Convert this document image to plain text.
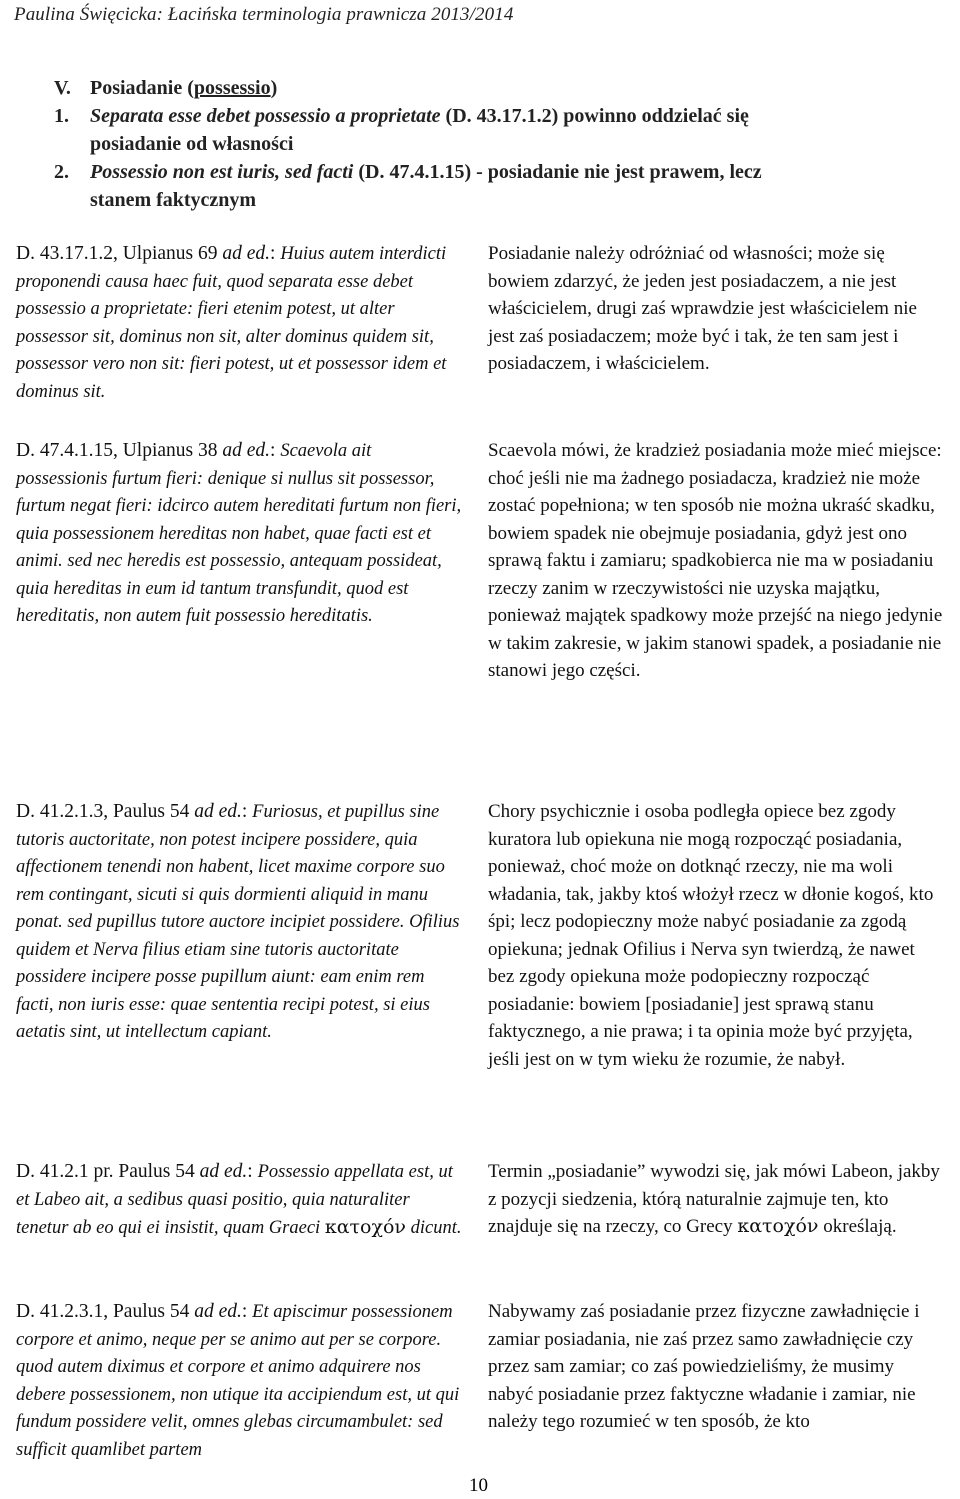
Paulina Święcicka: Łacińska terminologia prawnicza 2013/2014
V. Posiadanie (possessio)
1. Separata esse debet possessio a proprietate (D. 43.17.1.2) powinno oddzielać się
posiadanie od własności
2. Possessio non est iuris, sed facti (D. 47.4.1.15) - posiadanie nie jest prawem, lecz
stanem faktycznym
D. 43.17.1.2, Ulpianus 69 ad ed.: Huius autem interdicti proponendi causa haec fuit, quod separata esse debet possessio a proprietate: fieri etenim potest, ut alter possessor sit, dominus non sit, alter dominus quidem sit, possessor vero non sit: fieri potest, ut et possessor idem et dominus sit.
Posiadanie należy odróżniać od własności; może się bowiem zdarzyć, że jeden jest posiadaczem, a nie jest właścicielem, drugi zaś wprawdzie jest właścicielem nie jest zaś posiadaczem; może być i tak, że ten sam jest i posiadaczem, i właścicielem.
D. 47.4.1.15, Ulpianus 38 ad ed.: Scaevola ait possessionis furtum fieri: denique si nullus sit possessor, furtum negat fieri: idcirco autem hereditati furtum non fieri, quia possessionem hereditas non habet, quae facti est et animi. sed nec heredis est possessio, antequam possideat, quia hereditas in eum id tantum transfundit, quod est hereditatis, non autem fuit possessio hereditatis.
Scaevola mówi, że kradzież posiadania może mieć miejsce: choć jeśli nie ma żadnego posiadacza, kradzież nie może zostać popełniona; w ten sposób nie można ukraść skadku, bowiem spadek nie obejmuje posiadania, gdyż jest ono sprawą faktu i zamiaru; spadkobierca nie ma w posiadaniu rzeczy zanim w rzeczywistości nie uzyska majątku, ponieważ majątek spadkowy może przejść na niego jedynie w takim zakresie, w jakim stanowi spadek, a posiadanie nie stanowi jego części.
D. 41.2.1.3, Paulus 54 ad ed.: Furiosus, et pupillus sine tutoris auctoritate, non potest incipere possidere, quia affectionem tenendi non habent, licet maxime corpore suo rem contingant, sicuti si quis dormienti aliquid in manu ponat. sed pupillus tutore auctore incipiet possidere. Ofilius quidem et Nerva filius etiam sine tutoris auctoritate possidere incipere posse pupillum aiunt: eam enim rem facti, non iuris esse: quae sententia recipi potest, si eius aetatis sint, ut intellectum capiant.
Chory psychicznie i osoba podległa opiece bez zgody kuratora lub opiekuna nie mogą rozpocząć posiadania, ponieważ, choć może on dotknąć rzeczy, nie ma woli władania, tak, jakby ktoś włożył rzecz w dłonie kogoś, kto śpi; lecz podopieczny może nabyć posiadanie za zgodą opiekuna; jednak Ofilius i Nerva syn twierdzą, że nawet bez zgody opiekuna może podopieczny rozpocząć posiadanie: bowiem [posiadanie] jest sprawą stanu faktycznego, a nie prawa; i ta opinia może być przyjęta, jeśli jest on w tym wieku że rozumie, że nabył.
D. 41.2.1 pr. Paulus 54 ad ed.: Possessio appellata est, ut et Labeo ait, a sedibus quasi positio, quia naturaliter tenetur ab eo qui ei insistit, quam Graeci κατοχόν dicunt.
Termin „posiadanie” wywodzi się, jak mówi Labeon, jakby z pozycji siedzenia, którą naturalnie zajmuje ten, kto znajduje się na rzeczy, co Grecy κατοχόν określają.
D. 41.2.3.1, Paulus 54 ad ed.: Et apiscimur possessionem corpore et animo, neque per se animo aut per se corpore. quod autem diximus et corpore et animo adquirere nos debere possessionem, non utique ita accipiendum est, ut qui fundum possidere velit, omnes glebas circumambulet: sed sufficit quamlibet partem
Nabywamy zaś posiadanie przez fizyczne zawładnięcie i zamiar posiadania, nie zaś przez samo zawładnięcie czy przez sam zamiar; co zaś powiedzieliśmy, że musimy nabyć posiadanie przez faktyczne władanie i zamiar, nie należy tego rozumieć w ten sposób, że kto
10
